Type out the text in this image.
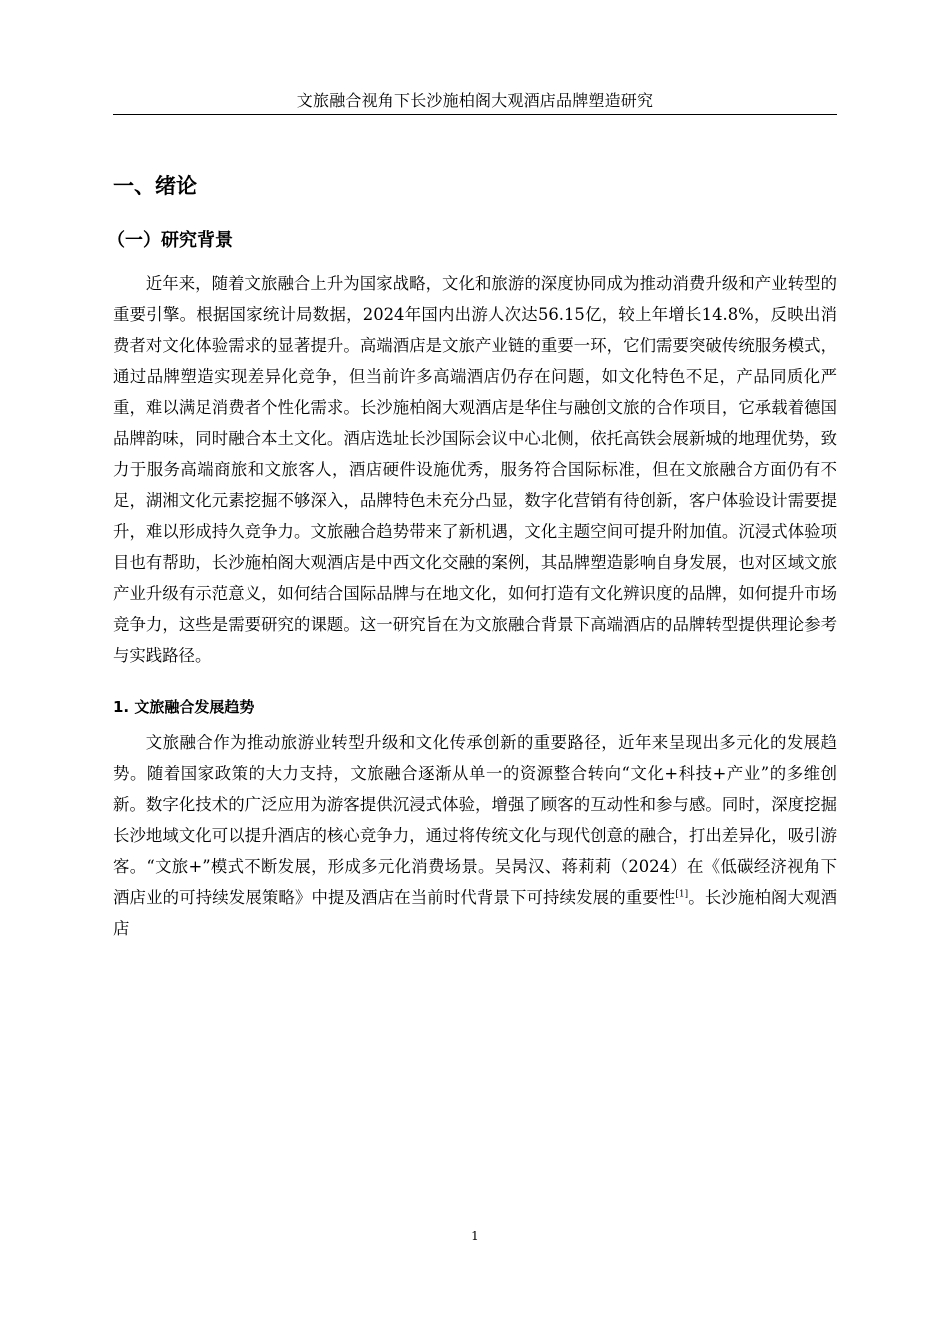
文旅融合视角下长沙施柏阁大观酒店品牌塑造研究
一、绪论
（一）研究背景

近年来，随着文旅融合上升为国家战略，文化和旅游的深度协同成为推动消费升级和产业转型的重要引擎。根据国家统计局数据，2024年国内出游人次达56.15亿，较上年增长14.8%，反映出消费者对文化体验需求的显著提升。高端酒店是文旅产业链的重要一环，它们需要突破传统服务模式，通过品牌塑造实现差异化竞争，但当前许多高端酒店仍存在问题，如文化特色不足，产品同质化严重，难以满足消费者个性化需求。长沙施柏阁大观酒店是华住与融创文旅的合作项目，它承载着德国品牌韵味，同时融合本土文化。酒店选址长沙国际会议中心北侧，依托高铁会展新城的地理优势，致力于服务高端商旅和文旅客人，酒店硬件设施优秀，服务符合国际标准，但在文旅融合方面仍有不足，湖湘文化元素挖掘不够深入，品牌特色未充分凸显，数字化营销有待创新，客户体验设计需要提升，难以形成持久竞争力。文旅融合趋势带来了新机遇，文化主题空间可提升附加值。沉浸式体验项目也有帮助，长沙施柏阁大观酒店是中西文化交融的案例，其品牌塑造影响自身发展，也对区域文旅产业升级有示范意义，如何结合国际品牌与在地文化，如何打造有文化辨识度的品牌，如何提升市场竞争力，这些是需要研究的课题。这一研究旨在为文旅融合背景下高端酒店的品牌转型提供理论参考与实践路径。

1. 文旅融合发展趋势

文旅融合作为推动旅游业转型升级和文化传承创新的重要路径，近年来呈现出多元化的发展趋势。随着国家政策的大力支持，文旅融合逐渐从单一的资源整合转向“文化+科技+产业”的多维创新。数字化技术的广泛应用为游客提供沉浸式体验，增强了顾客的互动性和参与感。同时，深度挖掘长沙地域文化可以提升酒店的核心竞争力，通过将传统文化与现代创意的融合，打出差异化，吸引游客。“文旅+”模式不断发展，形成多元化消费场景。吴昺汉、蒋莉莉（2024）在《低碳经济视角下酒店业的可持续发展策略》中提及酒店在当前时代背景下可持续发展的重要性[1]。长沙施柏阁大观酒店

1
